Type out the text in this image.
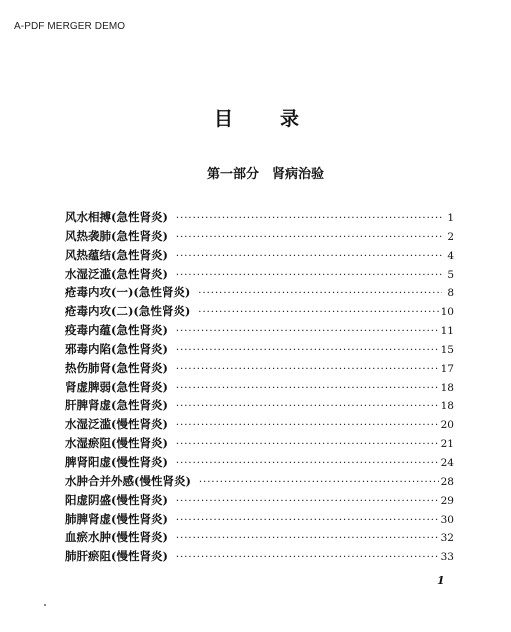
A-PDF MERGER DEMO
目　录
第一部分　肾病治验
风水相搏(急性肾炎) ·····	1
风热袭肺(急性肾炎) ·····	2
风热蕴结(急性肾炎) ·····	4
水湿泛滥(急性肾炎) ·····	5
疮毒内攻(一)(急性肾炎) ·····	8
疮毒内攻(二)(急性肾炎) ·····	10
疫毒内蕴(急性肾炎) ·····	11
邪毒内陷(急性肾炎) ·····	15
热伤肺肾(急性肾炎) ·····	17
肾虚脾弱(急性肾炎) ·····	18
肝脾肾虚(急性肾炎) ·····	18
水湿泛滥(慢性肾炎) ·····	20
水湿瘀阻(慢性肾炎) ·····	21
脾肾阳虚(慢性肾炎) ·····	24
水肿合并外感(慢性肾炎) ·····	28
阳虚阴盛(慢性肾炎) ·····	29
肺脾肾虚(慢性肾炎) ·····	30
血瘀水肿(慢性肾炎) ·····	32
肺肝瘀阻(慢性肾炎) ·····	33
1
